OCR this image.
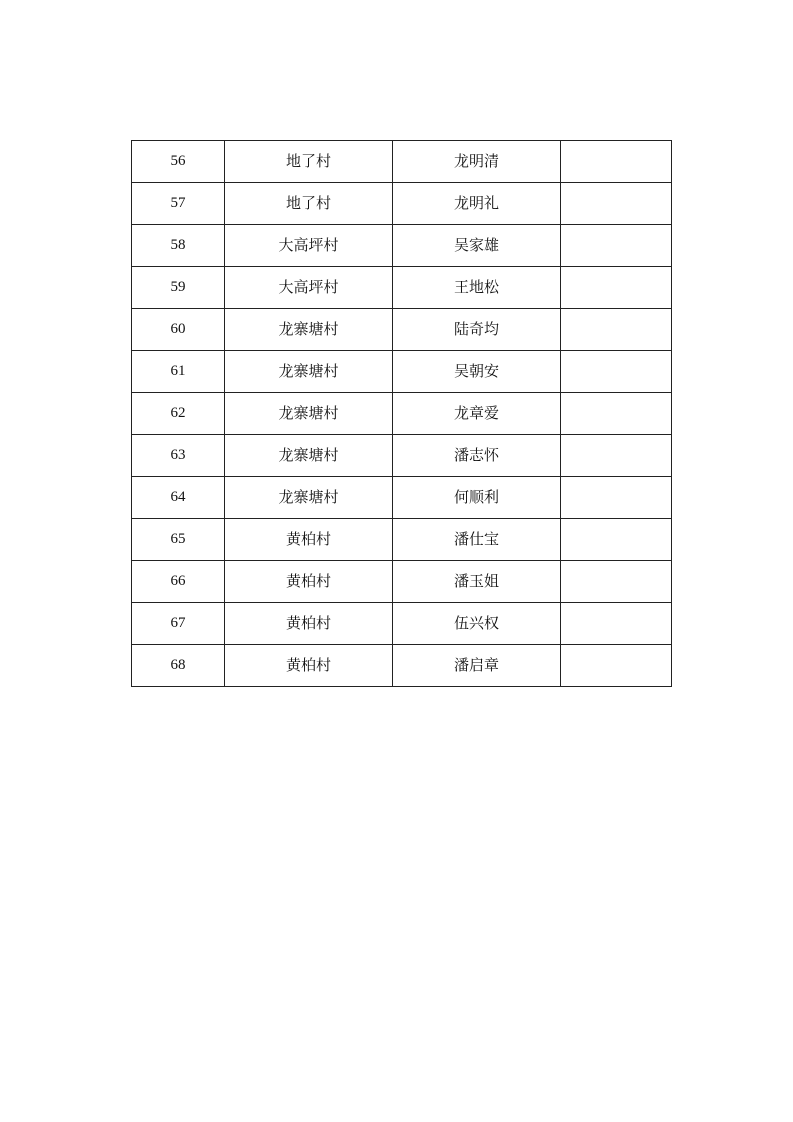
56	地了村	龙明清	
57	地了村	龙明礼	
58	大高坪村	吴家雄	
59	大高坪村	王地松	
60	龙寨塘村	陆奇均	
61	龙寨塘村	吴朝安	
62	龙寨塘村	龙章爱	
63	龙寨塘村	潘志怀	
64	龙寨塘村	何顺利	
65	黄柏村	潘仕宝	
66	黄柏村	潘玉姐	
67	黄柏村	伍兴权	
68	黄柏村	潘启章	
